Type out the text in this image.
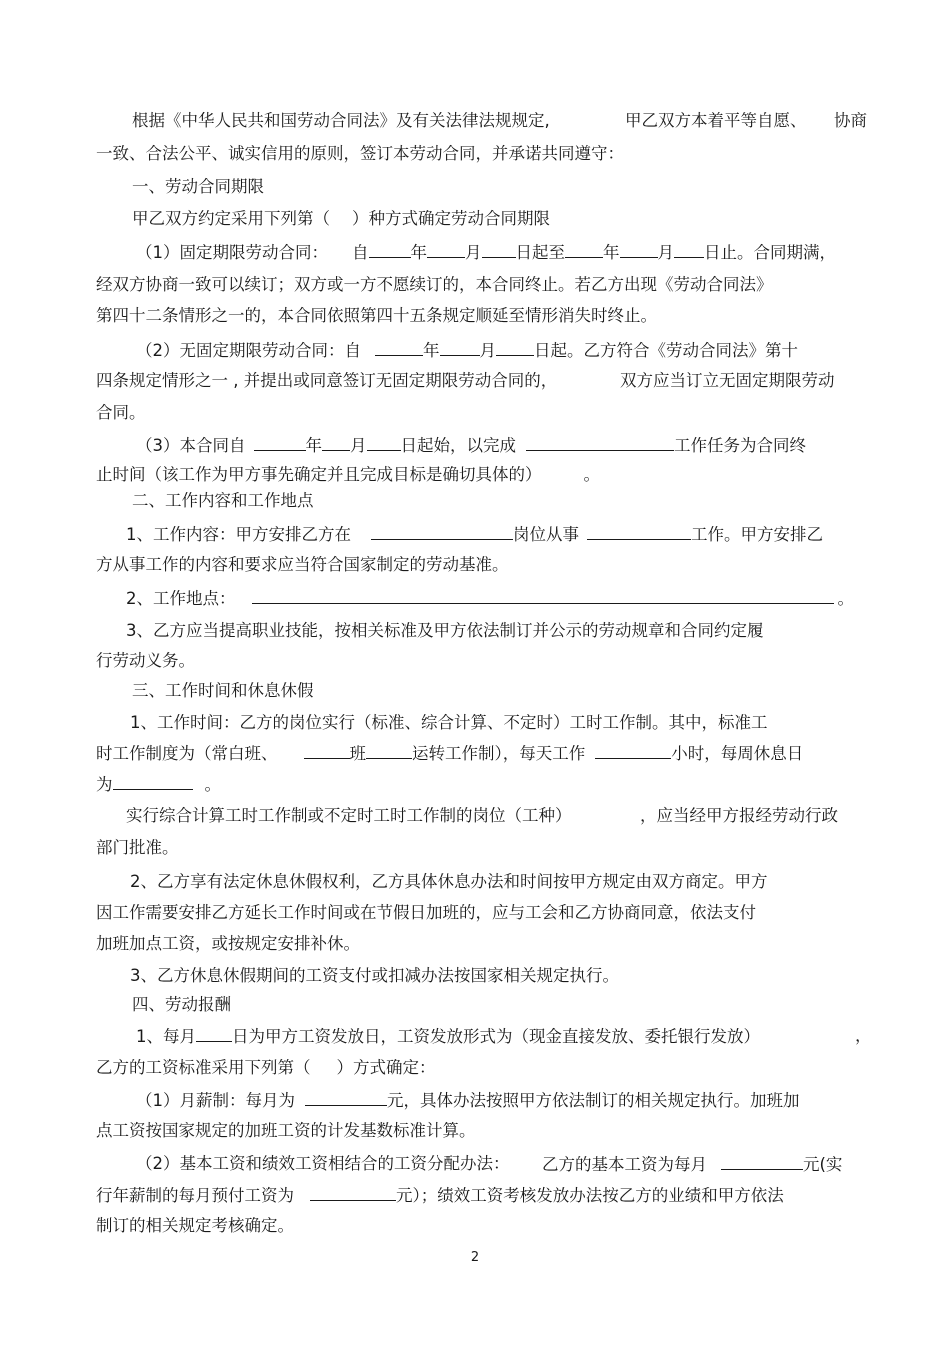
根据《中华人民共和国劳动合同法》及有关法律法规规定,	甲乙双方本着平等自愿、 协商
一致、合法公平、诚实信用的原则，签订本劳动合同，并承诺共同遵守：
一、劳动合同期限
甲乙双方约定采用下列第（ ）种方式确定劳动合同期限
（1）固定期限劳动合同： 自	年 月 日起至 年 月 日止。合同期满，
经双方协商一致可以续订；双方或一方不愿续订的，本合同终止。若乙方出现《劳动合同法》
第四十二条情形之一的，本合同依照第四十五条规定顺延至情形消失时终止。
（2）无固定期限劳动合同：自	年 月 日起。乙方符合《劳动合同法》第十
四条规定情形之一 , 并提出或同意签订无固定期限劳动合同的，	双方应当订立无固定期限劳动
合同。
（3）本合同自	年 月 日起始，以完成	工作任务为合同终
止时间（该工作为甲方事先确定并且完成目标是确切具体的）	。
二、工作内容和工作地点
1、工作内容：甲方安排乙方在	岗位从事	工作。甲方安排乙
方从事工作的内容和要求应当符合国家制定的劳动基准。
2、工作地点：	。
3、乙方应当提高职业技能，按相关标准及甲方依法制订并公示的劳动规章和合同约定履
行劳动义务。
三、工作时间和休息休假
1、工作时间：乙方的岗位实行（标准、综合计算、不定时）工时工作制。其中，标准工
时工作制度为（常白班、	班	运转工作制），每天工作	小时，每周休息日
为	。
实行综合计算工时工作制或不定时工时工作制的岗位（工种）	，应当经甲方报经劳动行政
部门批准。
2、乙方享有法定休息休假权利，乙方具体休息办法和时间按甲方规定由双方商定。甲方
因工作需要安排乙方延长工作时间或在节假日加班的，应与工会和乙方协商同意，依法支付
加班加点工资，或按规定安排补休。
3、乙方休息休假期间的工资支付或扣减办法按国家相关规定执行。
四、劳动报酬
1、每月 日为甲方工资发放日，工资发放形式为（现金直接发放、委托银行发放）	，
乙方的工资标准采用下列第（ ）方式确定：
（1）月薪制：每月为	元，具体办法按照甲方依法制订的相关规定执行。加班加
点工资按国家规定的加班工资的计发基数标准计算。
（2）基本工资和绩效工资相结合的工资分配办法： 乙方的基本工资为每月	元(实
行年薪制的每月预付工资为	元）；绩效工资考核发放办法按乙方的业绩和甲方依法
制订的相关规定考核确定。
2
